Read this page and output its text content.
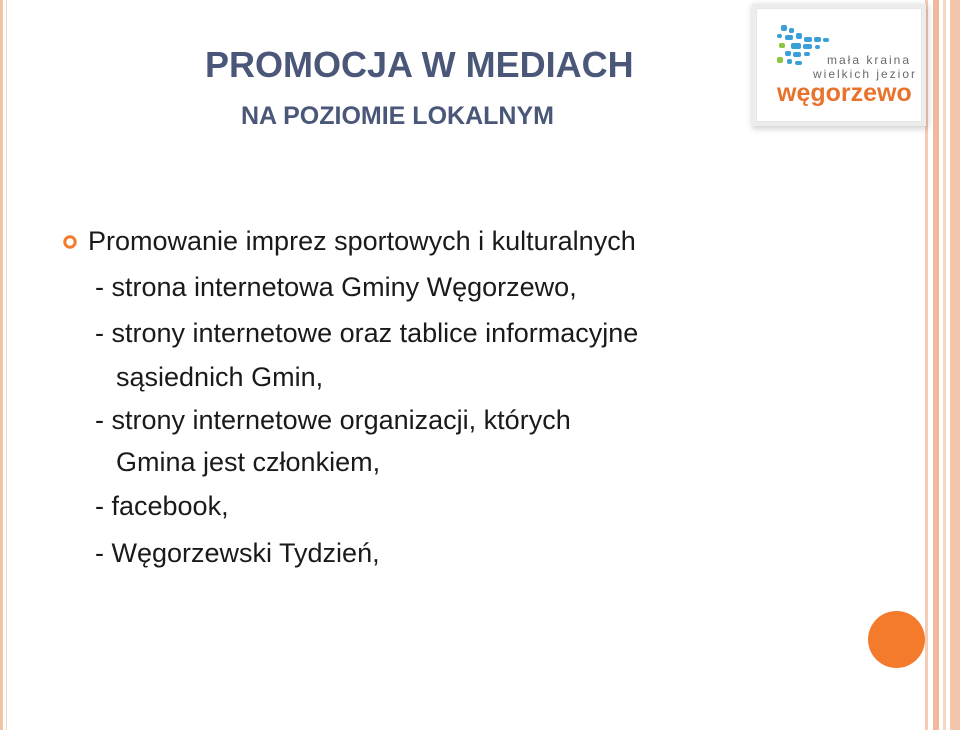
PROMOCJA W MEDIACH
NA POZIOMIE LOKALNYM
mała kraina
wielkich jezior
węgorzewo

Promowanie imprez sportowych i kulturalnych

- strona internetowa Gminy Węgorzewo,

- strony internetowe oraz tablice informacyjne

sąsiednich Gmin,

- strony internetowe organizacji, których

Gmina jest członkiem,

- facebook,

- Węgorzewski Tydzień,
